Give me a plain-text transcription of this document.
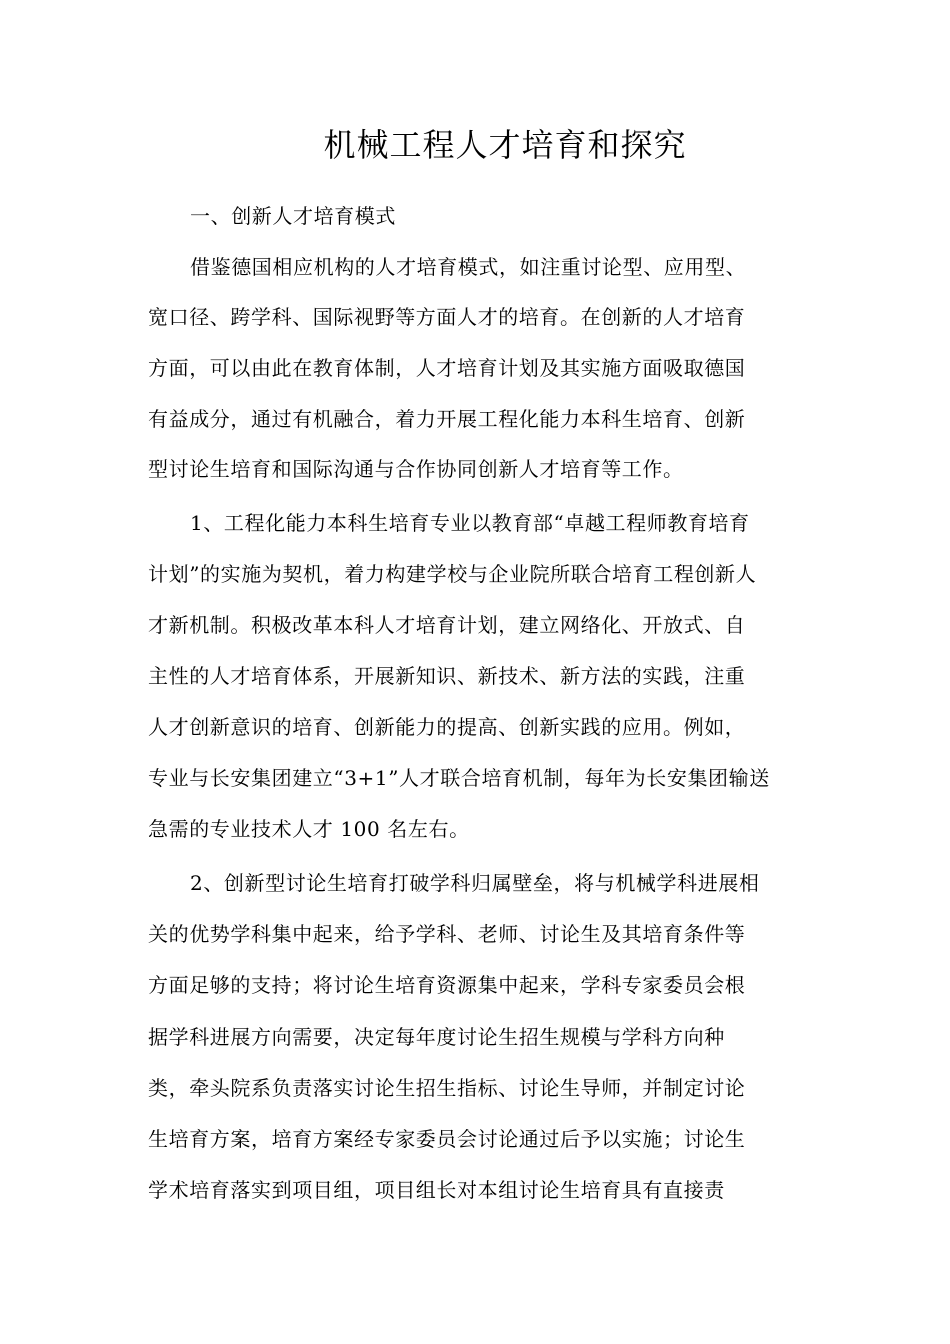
机械工程人才培育和探究
一、创新人才培育模式
借鉴德国相应机构的人才培育模式，如注重讨论型、应用型、
宽口径、跨学科、国际视野等方面人才的培育。在创新的人才培育
方面，可以由此在教育体制，人才培育计划及其实施方面吸取德国
有益成分，通过有机融合，着力开展工程化能力本科生培育、创新
型讨论生培育和国际沟通与合作协同创新人才培育等工作。
1、工程化能力本科生培育专业以教育部“卓越工程师教育培育
计划”的实施为契机，着力构建学校与企业院所联合培育工程创新人
才新机制。积极改革本科人才培育计划，建立网络化、开放式、自
主性的人才培育体系，开展新知识、新技术、新方法的实践，注重
人才创新意识的培育、创新能力的提高、创新实践的应用。例如，
专业与长安集团建立“3+1”人才联合培育机制，每年为长安集团输送
急需的专业技术人才 100 名左右。
2、创新型讨论生培育打破学科归属壁垒，将与机械学科进展相
关的优势学科集中起来，给予学科、老师、讨论生及其培育条件等
方面足够的支持；将讨论生培育资源集中起来，学科专家委员会根
据学科进展方向需要，决定每年度讨论生招生规模与学科方向种
类，牵头院系负责落实讨论生招生指标、讨论生导师，并制定讨论
生培育方案，培育方案经专家委员会讨论通过后予以实施；讨论生
学术培育落实到项目组，项目组长对本组讨论生培育具有直接责
